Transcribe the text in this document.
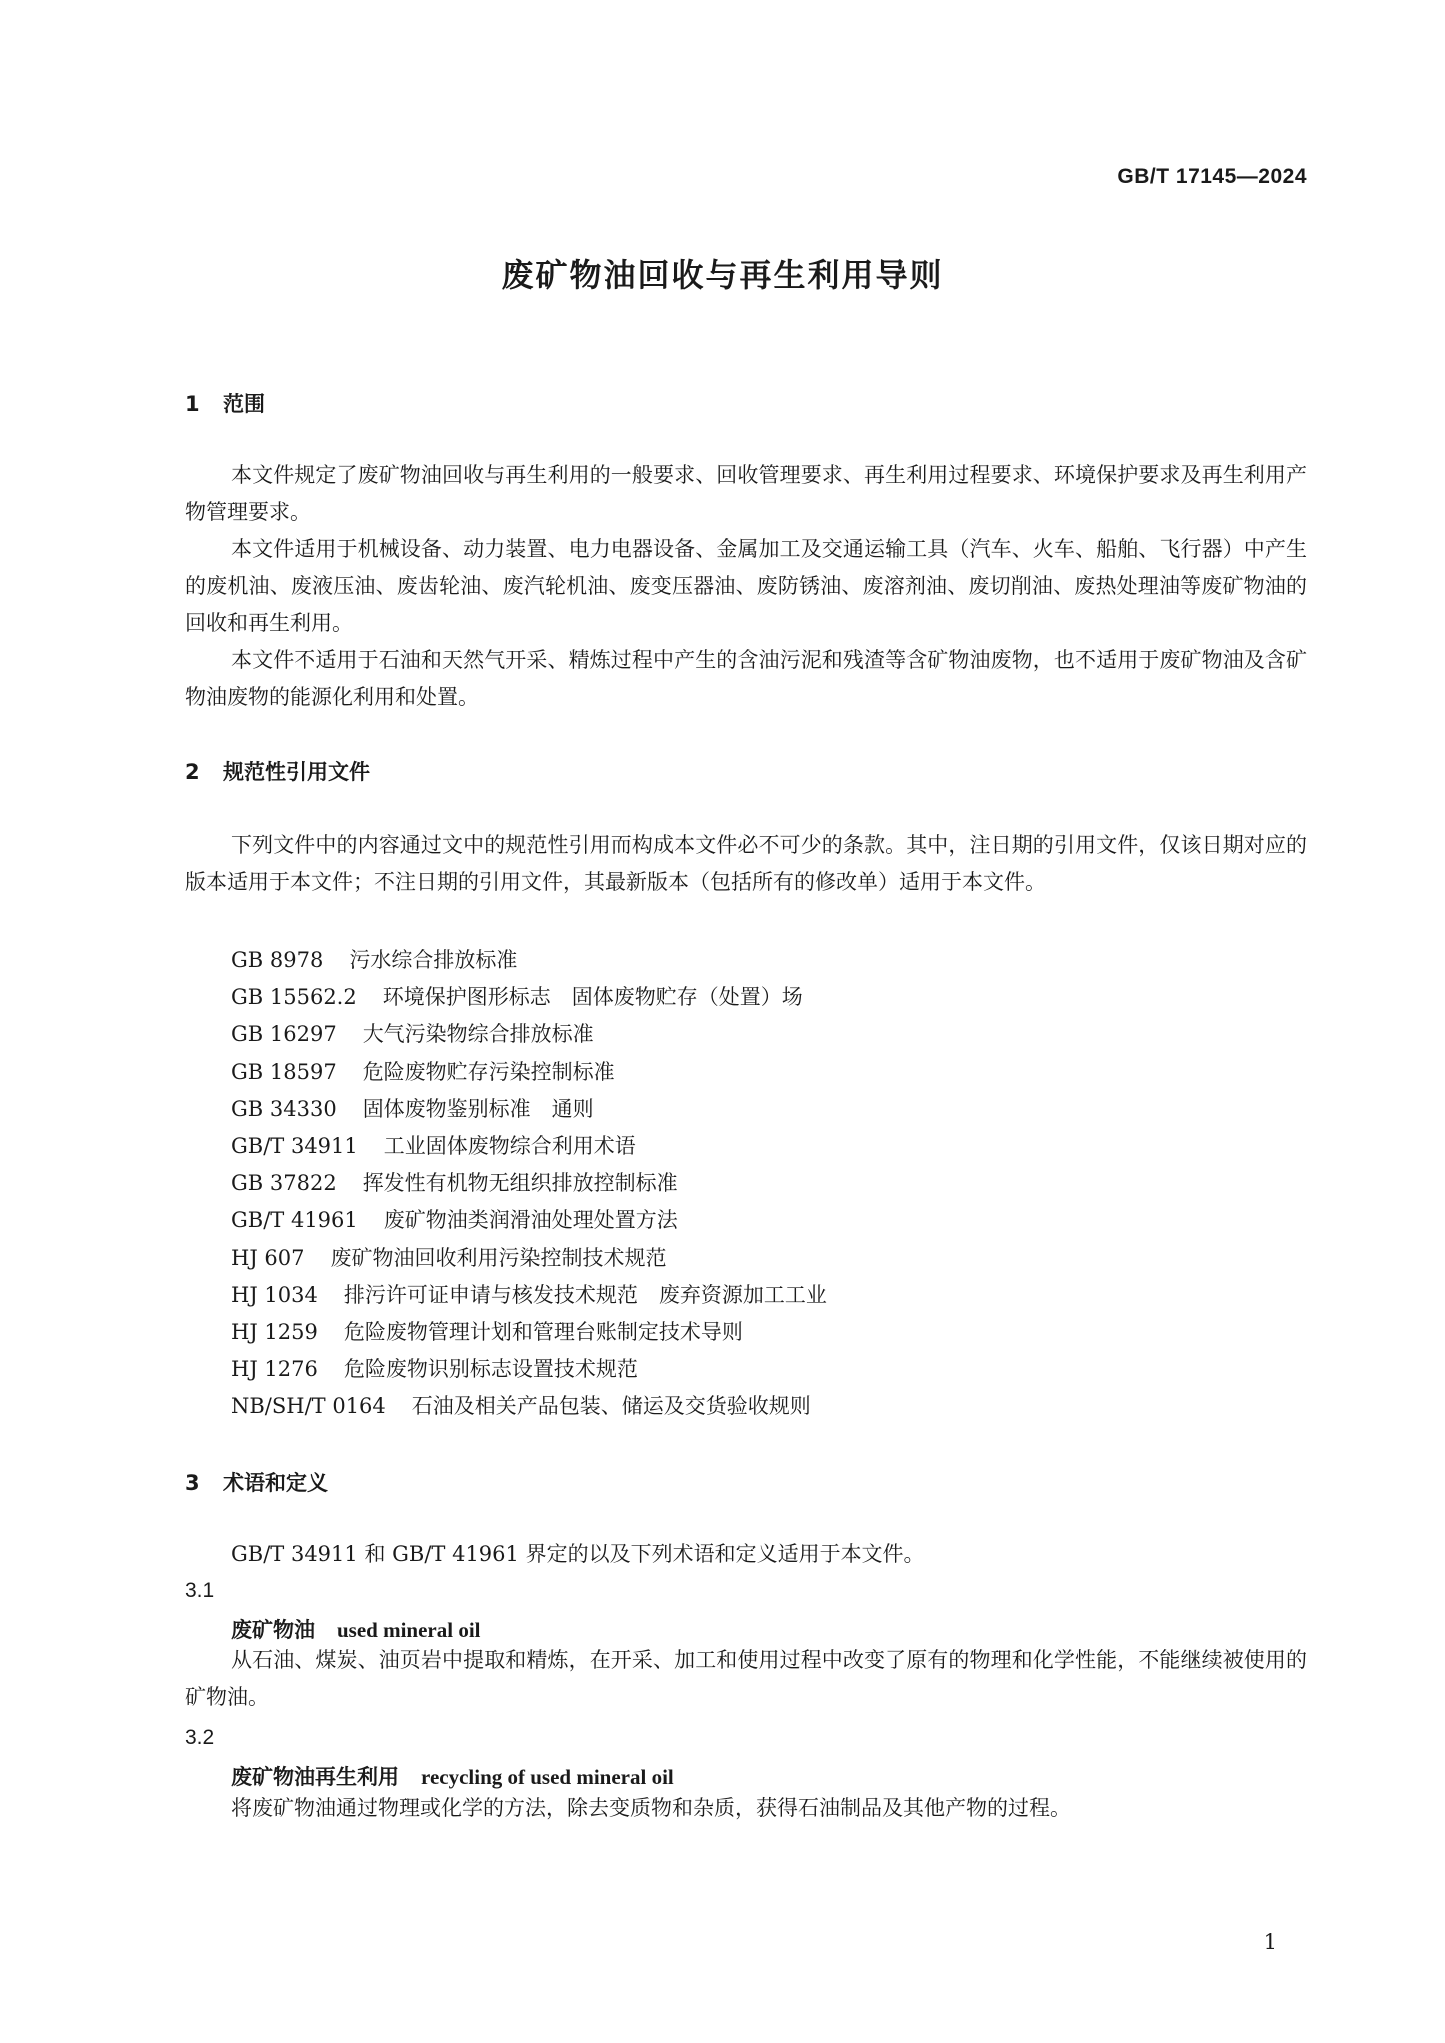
GB/T 17145—2024
废矿物油回收与再生利用导则
1 范围

本文件规定了废矿物油回收与再生利用的一般要求、回收管理要求、再生利用过程要求、环境保护要求及再生利用产物管理要求。

本文件适用于机械设备、动力装置、电力电器设备、金属加工及交通运输工具（汽车、火车、船舶、飞行器）中产生的废机油、废液压油、废齿轮油、废汽轮机油、废变压器油、废防锈油、废溶剂油、废切削油、废热处理油等废矿物油的回收和再生利用。

本文件不适用于石油和天然气开采、精炼过程中产生的含油污泥和残渣等含矿物油废物，也不适用于废矿物油及含矿物油废物的能源化利用和处置。

2 规范性引用文件

下列文件中的内容通过文中的规范性引用而构成本文件必不可少的条款。其中，注日期的引用文件，仅该日期对应的版本适用于本文件；不注日期的引用文件，其最新版本（包括所有的修改单）适用于本文件。

GB 8978 污水综合排放标准
GB 15562.2 环境保护图形标志　固体废物贮存（处置）场
GB 16297 大气污染物综合排放标准
GB 18597 危险废物贮存污染控制标准
GB 34330 固体废物鉴别标准　通则
GB/T 34911 工业固体废物综合利用术语
GB 37822 挥发性有机物无组织排放控制标准
GB/T 41961 废矿物油类润滑油处理处置方法
HJ 607 废矿物油回收利用污染控制技术规范
HJ 1034 排污许可证申请与核发技术规范　废弃资源加工工业
HJ 1259 危险废物管理计划和管理台账制定技术导则
HJ 1276 危险废物识别标志设置技术规范
NB/SH/T 0164 石油及相关产品包装、储运及交货验收规则
3 术语和定义

GB/T 34911 和 GB/T 41961 界定的以及下列术语和定义适用于本文件。

3.1
废矿物油 used mineral oil

从石油、煤炭、油页岩中提取和精炼，在开采、加工和使用过程中改变了原有的物理和化学性能，不能继续被使用的矿物油。

3.2
废矿物油再生利用 recycling of used mineral oil

将废矿物油通过物理或化学的方法，除去变质物和杂质，获得石油制品及其他产物的过程。

1
